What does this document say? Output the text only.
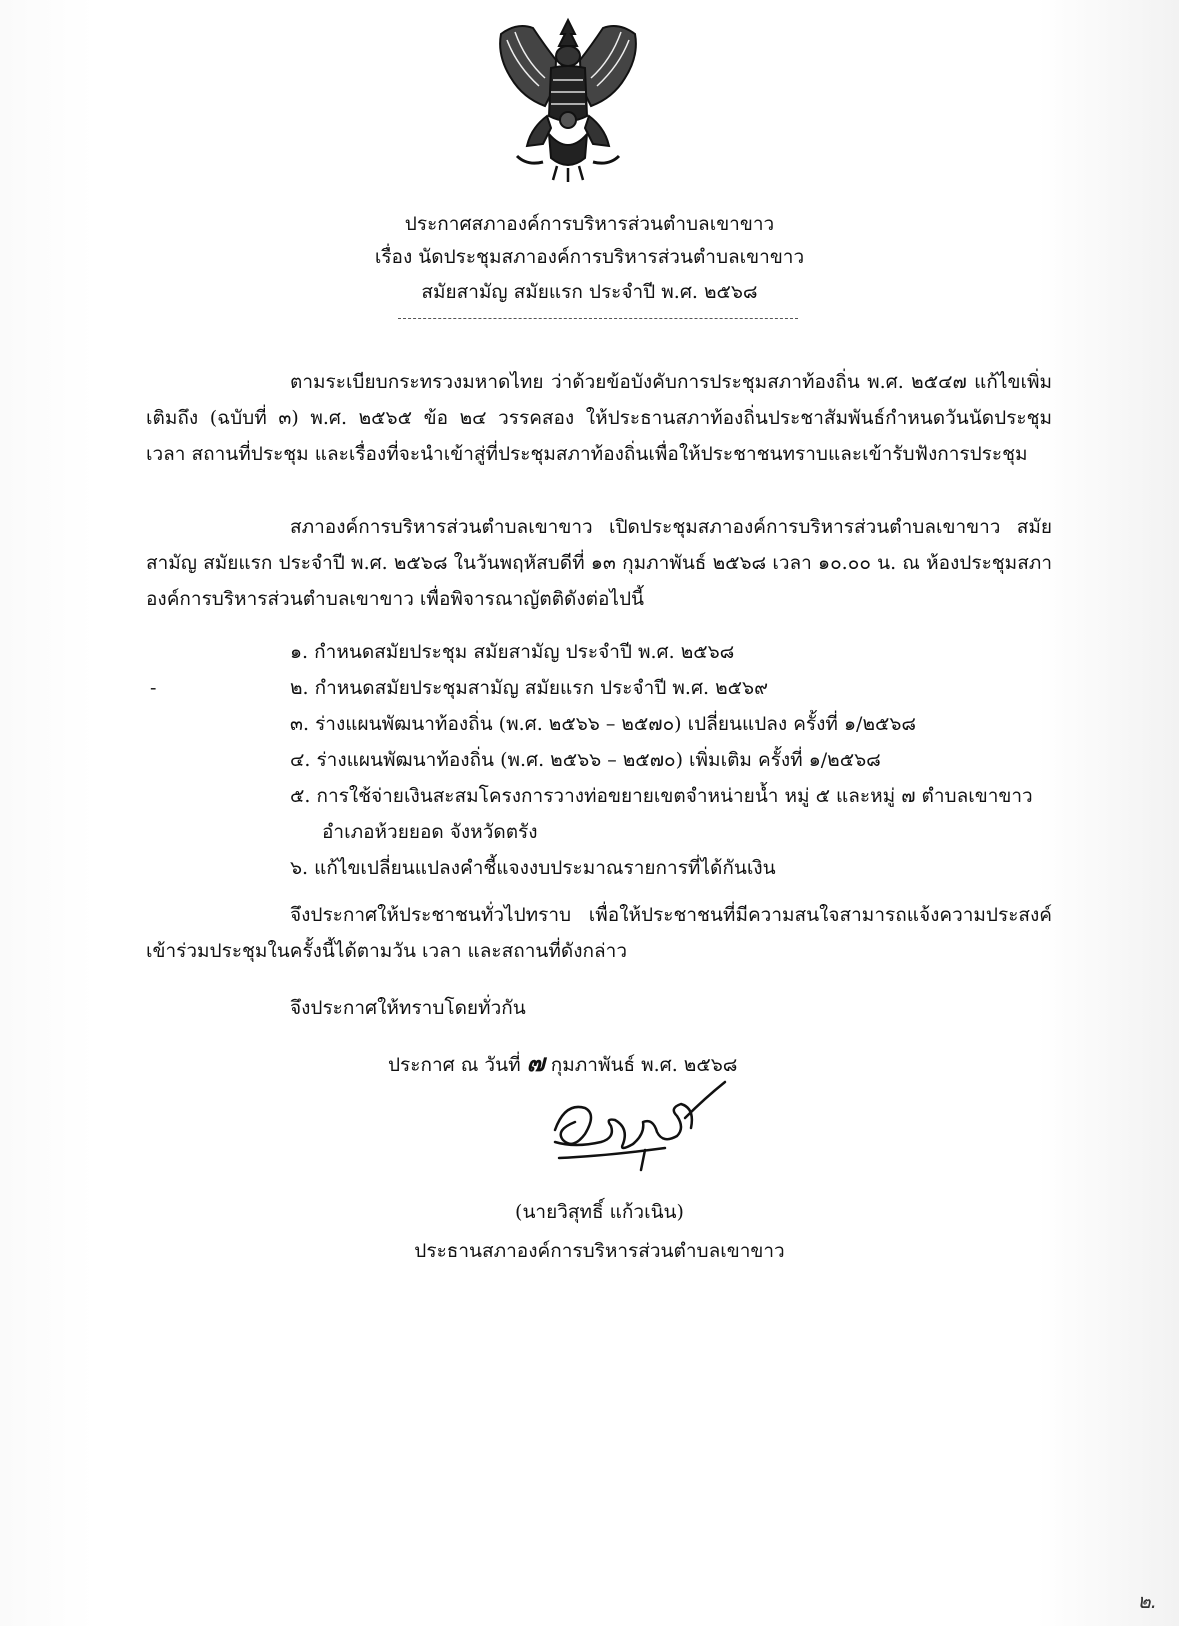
ประกาศสภาองค์การบริหารส่วนตำบลเขาขาว
เรื่อง นัดประชุมสภาองค์การบริหารส่วนตำบลเขาขาว
สมัยสามัญ สมัยแรก ประจำปี พ.ศ. ๒๕๖๘
ตามระเบียบกระทรวงมหาดไทย ว่าด้วยข้อบังคับการประชุมสภาท้องถิ่น พ.ศ. ๒๕๔๗ แก้ไขเพิ่มเติมถึง (ฉบับที่ ๓) พ.ศ. ๒๕๖๕ ข้อ ๒๔ วรรคสอง ให้ประธานสภาท้องถิ่นประชาสัมพันธ์กำหนดวันนัดประชุม เวลา สถานที่ประชุม และเรื่องที่จะนำเข้าสู่ที่ประชุมสภาท้องถิ่นเพื่อให้ประชาชนทราบและเข้ารับฟังการประชุม
สภาองค์การบริหารส่วนตำบลเขาขาว เปิดประชุมสภาองค์การบริหารส่วนตำบลเขาขาว สมัยสามัญ สมัยแรก ประจำปี พ.ศ. ๒๕๖๘ ในวันพฤหัสบดีที่ ๑๓ กุมภาพันธ์ ๒๕๖๘ เวลา ๑๐.๐๐ น. ณ ห้องประชุมสภาองค์การบริหารส่วนตำบลเขาขาว เพื่อพิจารณาญัตติดังต่อไปนี้
-
๑. กำหนดสมัยประชุม สมัยสามัญ ประจำปี พ.ศ. ๒๕๖๘
๒. กำหนดสมัยประชุมสามัญ สมัยแรก ประจำปี พ.ศ. ๒๕๖๙
๓. ร่างแผนพัฒนาท้องถิ่น (พ.ศ. ๒๕๖๖ – ๒๕๗๐) เปลี่ยนแปลง ครั้งที่ ๑/๒๕๖๘
๔. ร่างแผนพัฒนาท้องถิ่น (พ.ศ. ๒๕๖๖ – ๒๕๗๐) เพิ่มเติม ครั้งที่ ๑/๒๕๖๘
๕. การใช้จ่ายเงินสะสมโครงการวางท่อขยายเขตจำหน่ายน้ำ หมู่ ๕ และหมู่ ๗ ตำบลเขาขาว
อำเภอห้วยยอด จังหวัดตรัง
๖. แก้ไขเปลี่ยนแปลงคำชี้แจงงบประมาณรายการที่ได้กันเงิน
จึงประกาศให้ประชาชนทั่วไปทราบ เพื่อให้ประชาชนที่มีความสนใจสามารถแจ้งความประสงค์เข้าร่วมประชุมในครั้งนี้ได้ตามวัน เวลา และสถานที่ดังกล่าว
จึงประกาศให้ทราบโดยทั่วกัน
ประกาศ ณ วันที่ ๗ กุมภาพันธ์ พ.ศ. ๒๕๖๘
(นายวิสุทธิ์ แก้วเนิน)
ประธานสภาองค์การบริหารส่วนตำบลเขาขาว
๒.
